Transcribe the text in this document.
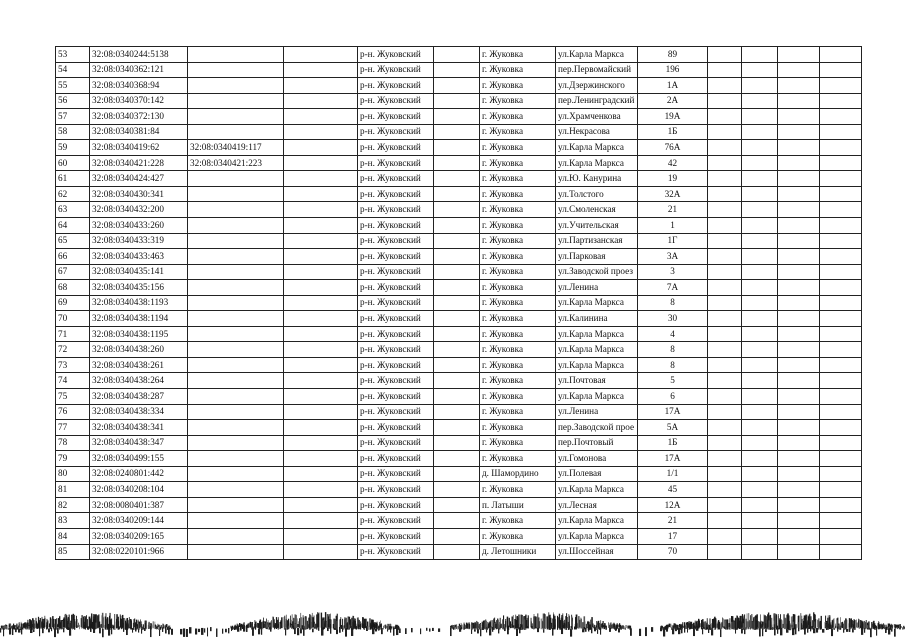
53	32:08:0340244:5138			р-н. Жуковский		г. Жуковка	ул.Карла Маркса	89				
54	32:08:0340362:121			р-н. Жуковский		г. Жуковка	пер.Первомайский	196				
55	32:08:0340368:94			р-н. Жуковский		г. Жуковка	ул.Дзержинского	1А				
56	32:08:0340370:142			р-н. Жуковский		г. Жуковка	пер.Ленинградский	2А				
57	32:08:0340372:130			р-н. Жуковский		г. Жуковка	ул.Храмченкова	19А				
58	32:08:0340381:84			р-н. Жуковский		г. Жуковка	ул.Некрасова	1Б				
59	32:08:0340419:62	32:08:0340419:117		р-н. Жуковский		г. Жуковка	ул.Карла Маркса	76А				
60	32:08:0340421:228	32:08:0340421:223		р-н. Жуковский		г. Жуковка	ул.Карла Маркса	42				
61	32:08:0340424:427			р-н. Жуковский		г. Жуковка	ул.Ю. Канурина	19				
62	32:08:0340430:341			р-н. Жуковский		г. Жуковка	ул.Толстого	32А				
63	32:08:0340432:200			р-н. Жуковский		г. Жуковка	ул.Смоленская	21				
64	32:08:0340433:260			р-н. Жуковский		г. Жуковка	ул.Учительская	1				
65	32:08:0340433:319			р-н. Жуковский		г. Жуковка	ул.Партизанская	1Г				
66	32:08:0340433:463			р-н. Жуковский		г. Жуковка	ул.Парковая	3А				
67	32:08:0340435:141			р-н. Жуковский		г. Жуковка	ул.Заводской проез	3				
68	32:08:0340435:156			р-н. Жуковский		г. Жуковка	ул.Ленина	7А				
69	32:08:0340438:1193			р-н. Жуковский		г. Жуковка	ул.Карла Маркса	8				
70	32:08:0340438:1194			р-н. Жуковский		г. Жуковка	ул.Калинина	30				
71	32:08:0340438:1195			р-н. Жуковский		г. Жуковка	ул.Карла Маркса	4				
72	32:08:0340438:260			р-н. Жуковский		г. Жуковка	ул.Карла Маркса	8				
73	32:08:0340438:261			р-н. Жуковский		г. Жуковка	ул.Карла Маркса	8				
74	32:08:0340438:264			р-н. Жуковский		г. Жуковка	ул.Почтовая	5				
75	32:08:0340438:287			р-н. Жуковский		г. Жуковка	ул.Карла Маркса	6				
76	32:08:0340438:334			р-н. Жуковский		г. Жуковка	ул.Ленина	17А				
77	32:08:0340438:341			р-н. Жуковский		г. Жуковка	пер.Заводской прое	5А				
78	32:08:0340438:347			р-н. Жуковский		г. Жуковка	пер.Почтовый	1Б				
79	32:08:0340499:155			р-н. Жуковский		г. Жуковка	ул.Гомонова	17А				
80	32:08:0240801:442			р-н. Жуковский		д. Шамордино	ул.Полевая	1/1				
81	32:08:0340208:104			р-н. Жуковский		г. Жуковка	ул.Карла Маркса	45				
82	32:08:0080401:387			р-н. Жуковский		п. Латыши	ул.Лесная	12А				
83	32:08:0340209:144			р-н. Жуковский		г. Жуковка	ул.Карла Маркса	21				
84	32:08:0340209:165			р-н. Жуковский		г. Жуковка	ул.Карла Маркса	17				
85	32:08:0220101:966			р-н. Жуковский		д. Летошники	ул.Шоссейная	70				
